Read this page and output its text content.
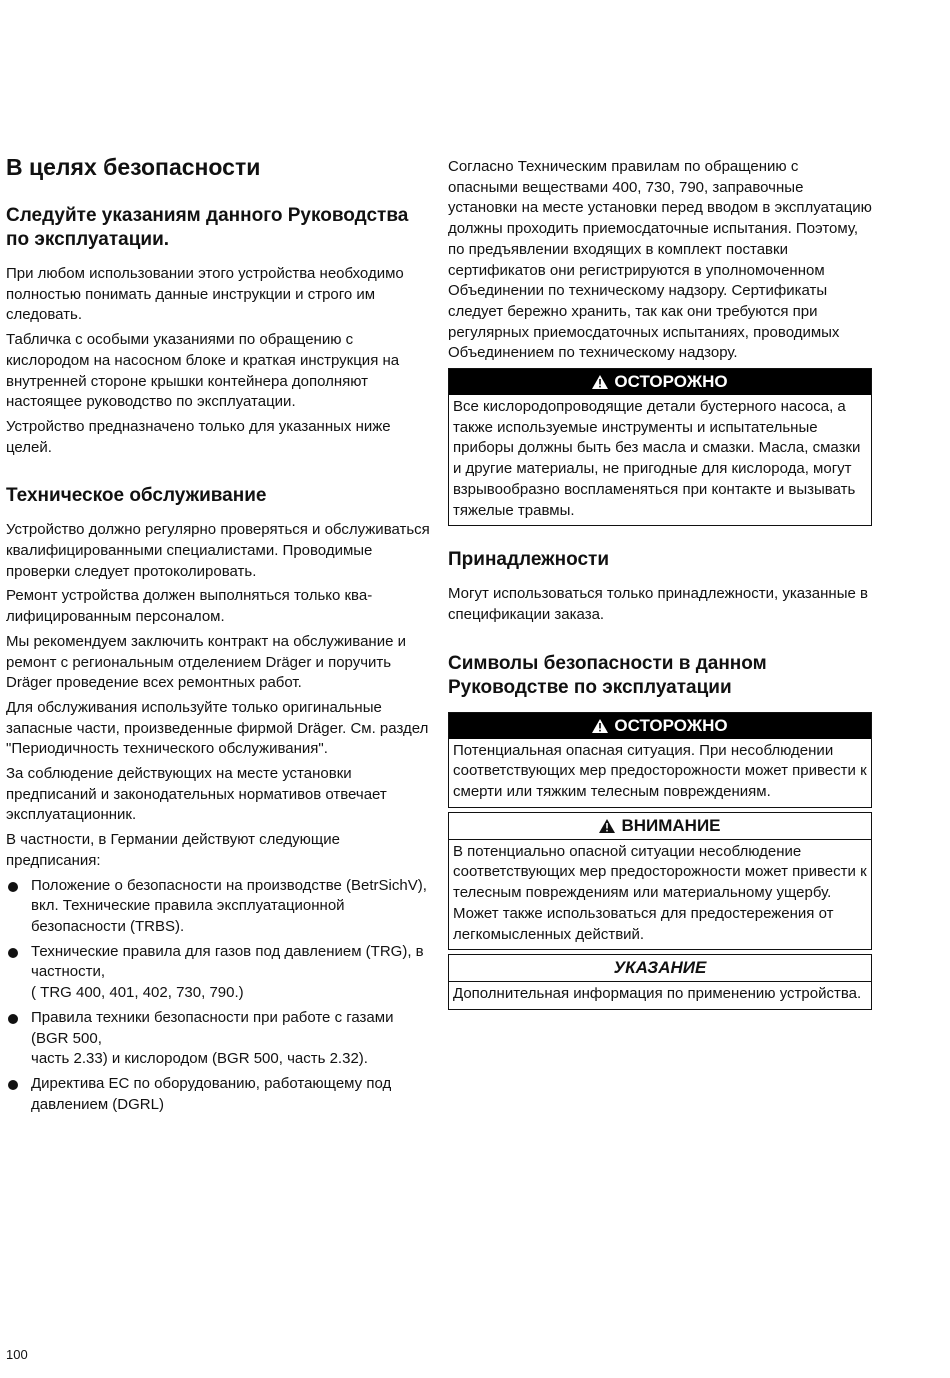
В целях безопасности
Следуйте указаниям данного Руководства по эксплуатации.

При любом использовании этого устройства необходимо полностью понимать данные инструкции и строго им следовать.

Табличка с особыми указаниями по обращению с кислородом на насосном блоке и краткая инструкция на внутренней стороне крышки контейнера дополняют настоящее руководство по эксплуатации.

Устройство предназначено только для указанных ниже целей.

Техническое обслуживание

Устройство должно регулярно проверяться и обслуживаться квалифицированными специалистами. Проводимые проверки следует протоколировать.

Ремонт устройства должен выполняться только квалифицированным персоналом.

Мы рекомендуем заключить контракт на обслуживание и ремонт с региональным отделением Dräger и поручить Dräger проведение всех ремонтных работ.

Для обслуживания используйте только оригинальные запасные части, произведенные фирмой Dräger. См. раздел "Периодичность технического обслуживания".

За соблюдение действующих на месте установки предписаний и законодательных нормативов отвечает эксплуатационник.

В частности, в Германии действуют следующие предписания:

Положение о безопасности на производстве (BetrSichV), вкл. Технические правила эксплуатационной безопасности (TRBS).
Технические правила для газов под давлением (TRG), в частности,
( TRG 400, 401, 402, 730, 790.)
Правила техники безопасности при работе с газами (BGR 500,
часть 2.33) и кислородом (BGR 500, часть 2.32).
Директива ЕС по оборудованию, работающему под давлением (DGRL)

Согласно Техническим правилам по обращению с опасными веществами 400, 730, 790, заправочные установки на месте установки перед вводом в эксплуатацию должны проходить приемосдаточные испытания. Поэтому, по предъявлении входящих в комплект поставки сертификатов они регистрируются в уполномоченном Объединении по техническому надзору. Сертификаты следует бережно хранить, так как они требуются при регулярных приемосдаточных испытаниях, проводимых Объединением по техническому надзору.

ОСТОРОЖНО
Все кислородопроводящие детали бустерного насоса, а также используемые инструменты и испытательные приборы должны быть без масла и смазки. Масла, смазки и другие материалы, не пригодные для кислорода, могут взрывообразно воспламеняться при контакте и вызывать тяжелые травмы.
Принадлежности

Могут использоваться только принадлежности, указанные в спецификации заказа.

Символы безопасности в данном Руководстве по эксплуатации
ОСТОРОЖНО
Потенциальная опасная ситуация. При несоблюдении соответствующих мер предосторожности может привести к смерти или тяжким телесным повреждениям.
ВНИМАНИЕ
В потенциально опасной ситуации несоблюдение соответствующих мер предосторожности может привести к телесным повреждениям или материальному ущербу.
Может также использоваться для предостережения от легкомысленных действий.
УКАЗАНИЕ
Дополнительная информация по применению устройства.
100
